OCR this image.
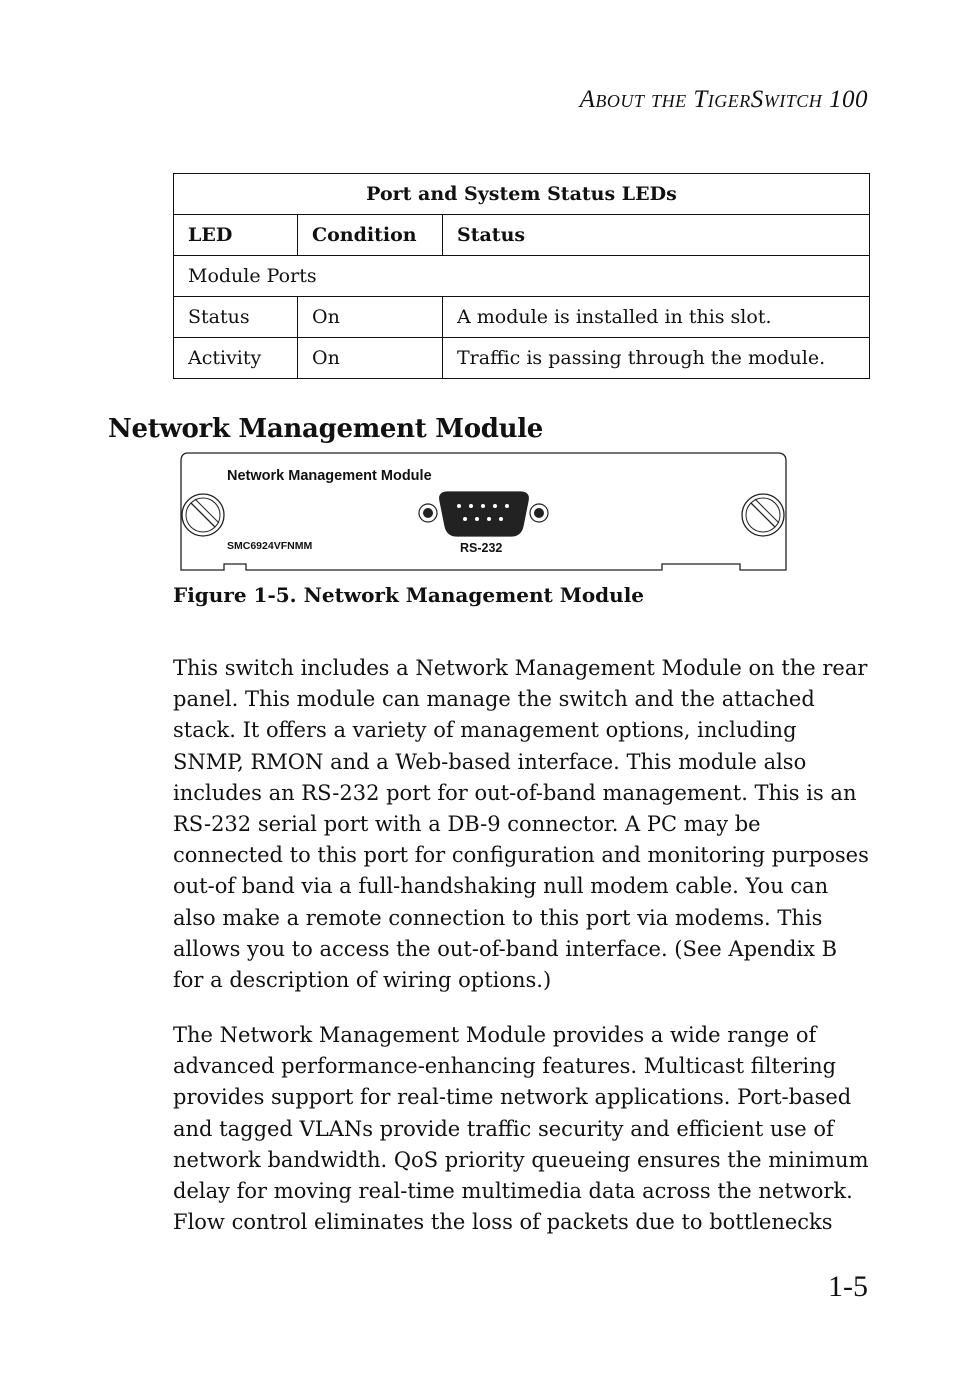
About the TigerSwitch 100
Port and System Status LEDs		
LED	Condition	Status
Module Ports		
Status	On	A module is installed in this slot.
Activity	On	Traffic is passing through the module.
Network Management Module
Network Management Module
SMC6924VFNMM	RS-232

Figure 1-5. Network Management Module

This switch includes a Network Management Module on the rear panel. This module can manage the switch and the attached stack. It offers a variety of management options, including SNMP, RMON and a Web-based interface. This module also includes an RS-232 port for out-of-band management. This is an RS-232 serial port with a DB-9 connector. A PC may be connected to this port for configuration and monitoring purposes out-of band via a full-handshaking null modem cable. You can also make a remote connection to this port via modems. This allows you to access the out-of-band interface. (See Apendix B for a description of wiring options.)

The Network Management Module provides a wide range of advanced performance-enhancing features. Multicast filtering provides support for real-time network applications. Port-based and tagged VLANs provide traffic security and efficient use of network bandwidth. QoS priority queueing ensures the minimum delay for moving real-time multimedia data across the network. Flow control eliminates the loss of packets due to bottlenecks

1-5
